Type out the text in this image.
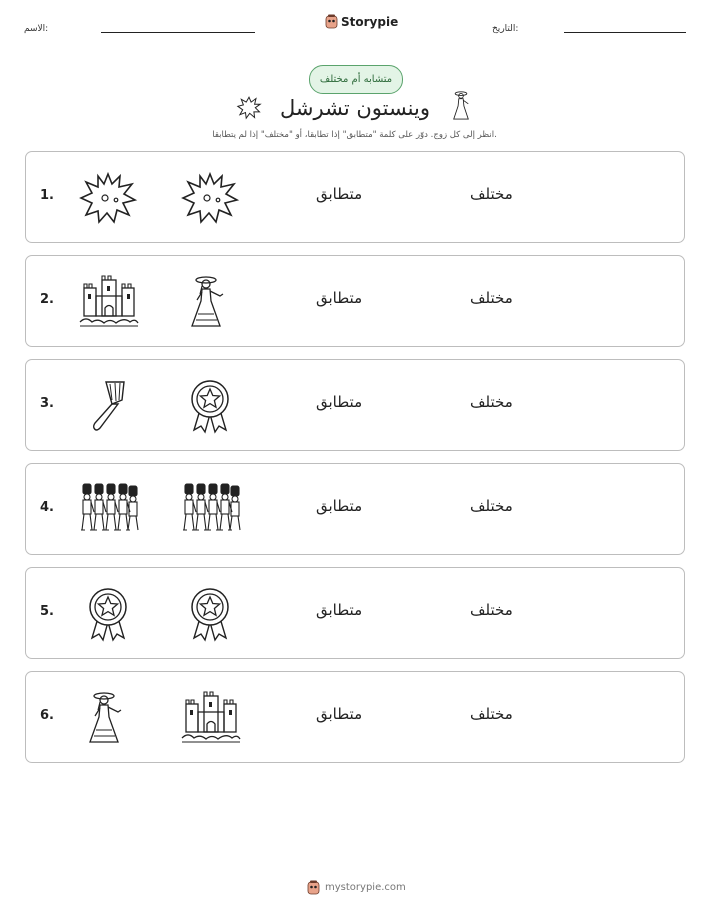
الاسم:	التاريخ:
Storypie
متشابه أم مختلف
وينستون تشرشل
انظر إلى كل زوج. دوّر على كلمة "متطابق" إذا تطابقا، أو "مختلف" إذا لم يتطابقا.
1.	متطابق	مختلف
2.	متطابق	مختلف
3.	متطابق	مختلف
4.	متطابق	مختلف
5.	متطابق	مختلف
6.	متطابق	مختلف
mystorypie.com
